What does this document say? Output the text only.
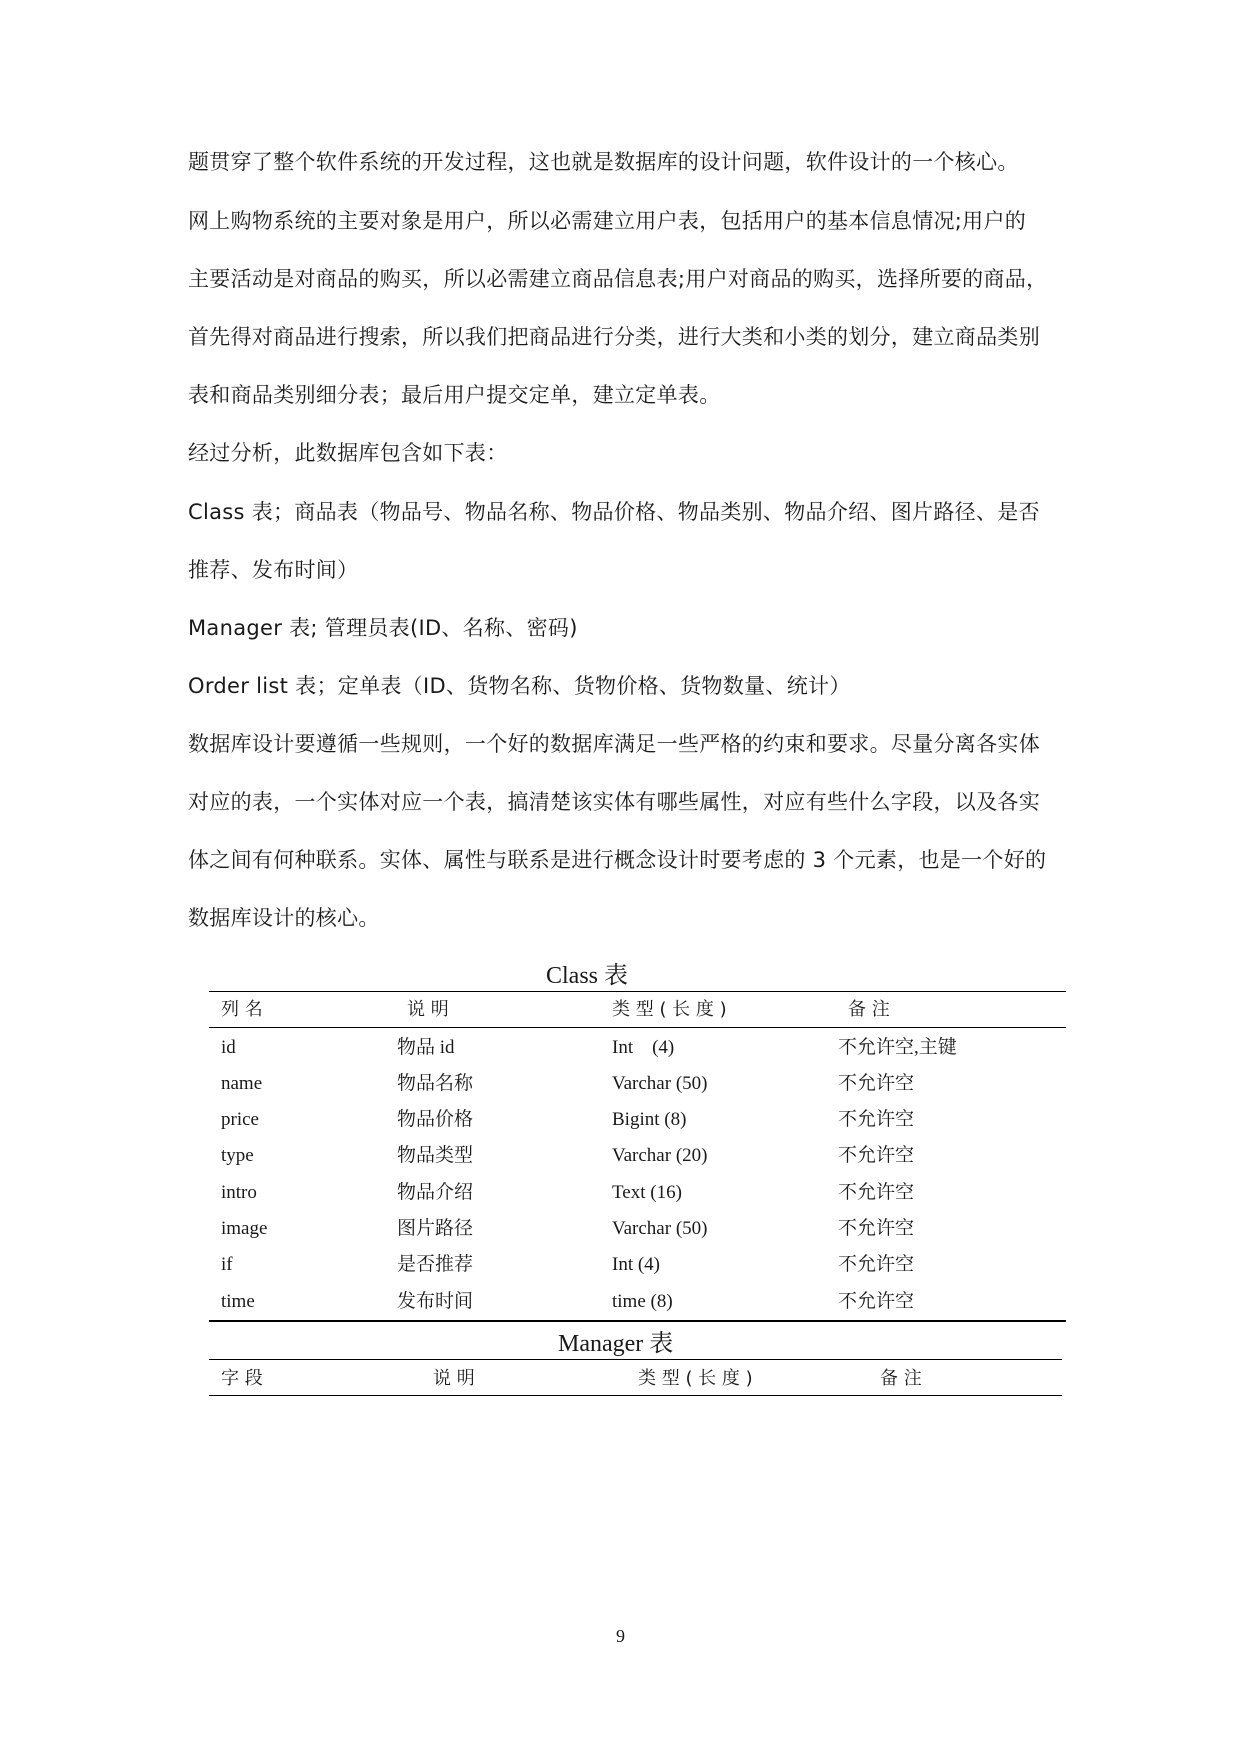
题贯穿了整个软件系统的开发过程，这也就是数据库的设计问题，软件设计的一个核心。
网上购物系统的主要对象是用户，所以必需建立用户表，包括用户的基本信息情况;用户的
主要活动是对商品的购买，所以必需建立商品信息表;用户对商品的购买，选择所要的商品，
首先得对商品进行搜索，所以我们把商品进行分类，进行大类和小类的划分，建立商品类别
表和商品类别细分表；最后用户提交定单，建立定单表。
经过分析，此数据库包含如下表：
Class 表；商品表（物品号、物品名称、物品价格、物品类别、物品介绍、图片路径、是否
推荐、发布时间）
Manager 表; 管理员表(ID、名称、密码)
Order list 表；定单表（ID、货物名称、货物价格、货物数量、统计）
数据库设计要遵循一些规则，一个好的数据库满足一些严格的约束和要求。尽量分离各实体
对应的表，一个实体对应一个表，搞清楚该实体有哪些属性，对应有些什么字段，以及各实
体之间有何种联系。实体、属性与联系是进行概念设计时要考虑的 3 个元素，也是一个好的
数据库设计的核心。
Class 表
列 名	说 明	类 型 ( 长 度 )	备 注
id	物品 id	Int    (4)	不允许空,主键
name	物品名称	Varchar (50)	不允许空
price	物品价格	Bigint (8)	不允许空
type	物品类型	Varchar (20)	不允许空
intro	物品介绍	Text (16)	不允许空
image	图片路径	Varchar (50)	不允许空
if	是否推荐	Int (4)	不允许空
time	发布时间	time (8)	不允许空
Manager 表
字 段	说 明	类 型 ( 长 度 )	备 注
9
